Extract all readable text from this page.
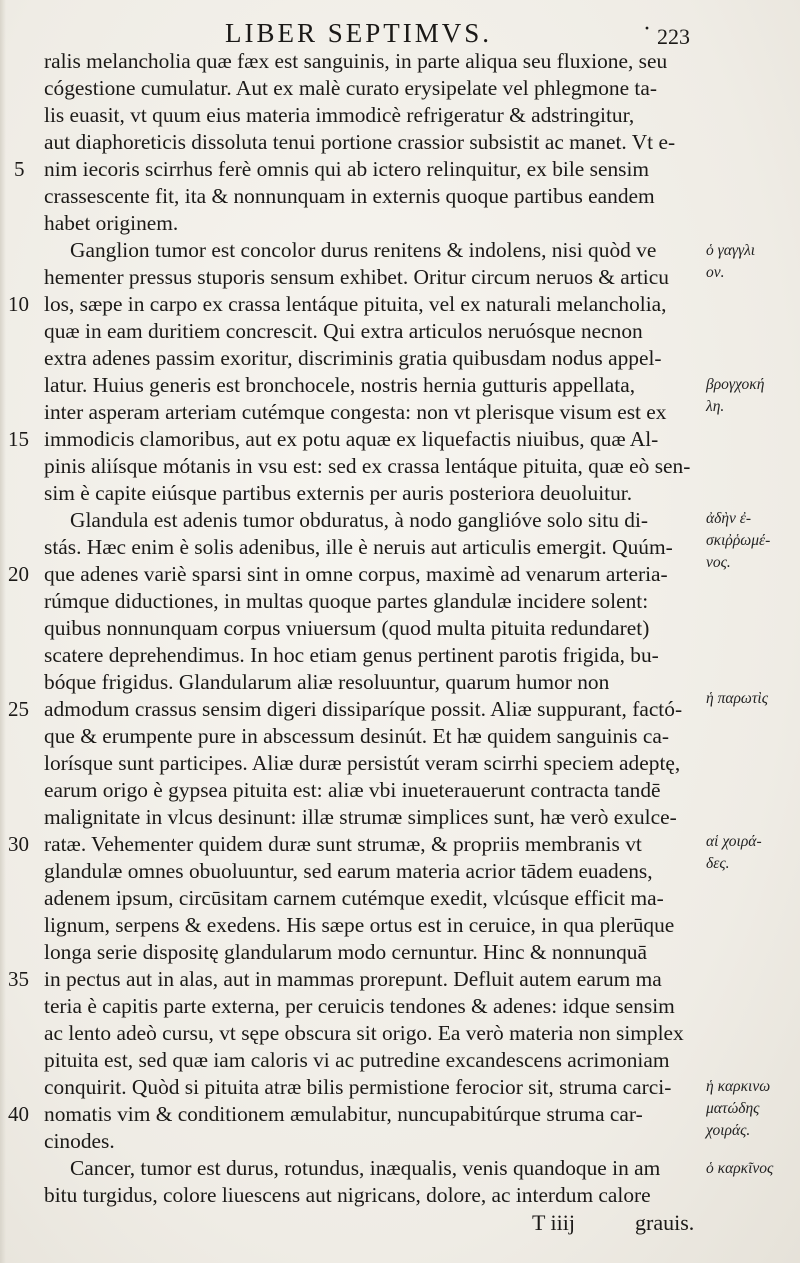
LIBER SEPTIMVS.	· 223
ralis melancholia quæ fæx est sanguinis, in parte aliqua seu fluxione, seu
cógestione cumulatur. Aut ex malè curato erysipelate vel phlegmone ta-
lis euasit, vt quum eius materia immodicè refrigeratur & adstringitur,
aut diaphoreticis dissoluta tenui portione crassior subsistit ac manet. Vt e-
nim iecoris scirrhus ferè omnis qui ab ictero relinquitur, ex bile sensim
crassescente fit, ita & nonnunquam in externis quoque partibus eandem
habet originem.
Ganglion tumor est concolor durus renitens & indolens, nisi quòd ve
hementer pressus stuporis sensum exhibet. Oritur circum neruos & articu
los, sæpe in carpo ex crassa lentáque pituita, vel ex naturali melancholia,
quæ in eam duritiem concrescit. Qui extra articulos neruósque necnon
extra adenes passim exoritur, discriminis gratia quibusdam nodus appel-
latur. Huius generis est bronchocele, nostris hernia gutturis appellata,
inter asperam arteriam cutémque congesta: non vt plerisque visum est ex
immodicis clamoribus, aut ex potu aquæ ex liquefactis niuibus, quæ Al-
pinis aliísque mótanis in vsu est: sed ex crassa lentáque pituita, quæ eò sen-
sim è capite eiúsque partibus externis per auris posteriora deuoluitur.
Glandula est adenis tumor obduratus, à nodo ganglióve solo situ di-
stás. Hæc enim è solis adenibus, ille è neruis aut articulis emergit. Quúm-
que adenes variè sparsi sint in omne corpus, maximè ad venarum arteria-
rúmque diductiones, in multas quoque partes glandulæ incidere solent:
quibus nonnunquam corpus vniuersum (quod multa pituita redundaret)
scatere deprehendimus. In hoc etiam genus pertinent parotis frigida, bu-
bóque frigidus. Glandularum aliæ resoluuntur, quarum humor non
admodum crassus sensim digeri dissiparíque possit. Aliæ suppurant, factó-
que & erumpente pure in abscessum desinút. Et hæ quidem sanguinis ca-
lorísque sunt participes. Aliæ duræ persistút veram scirrhi speciem adeptę,
earum origo è gypsea pituita est: aliæ vbi inueterauerunt contracta tandē
malignitate in vlcus desinunt: illæ strumæ simplices sunt, hæ verò exulce-
ratæ. Vehementer quidem duræ sunt strumæ, & propriis membranis vt
glandulæ omnes obuoluuntur, sed earum materia acrior tādem euadens,
adenem ipsum, circūsitam carnem cutémque exedit, vlcúsque efficit ma-
lignum, serpens & exedens. His sæpe ortus est in ceruice, in qua plerūque
longa serie dispositę glandularum modo cernuntur. Hinc & nonnunquā
in pectus aut in alas, aut in mammas prorepunt. Defluit autem earum ma
teria è capitis parte externa, per ceruicis tendones & adenes: idque sensim
ac lento adeò cursu, vt sępe obscura sit origo. Ea verò materia non simplex
pituita est, sed quæ iam caloris vi ac putredine excandescens acrimoniam
conquirit. Quòd si pituita atræ bilis permistione ferocior sit, struma carci-
nomatis vim & conditionem æmulabitur, nuncupabitúrque struma car-
cinodes.
Cancer, tumor est durus, rotundus, inæqualis, venis quandoque in am
bitu turgidus, colore liuescens aut nigricans, dolore, ac interdum calore
5
10
15
20
25
30
35
40
ὁ γαγγλι
ον.
βρογχοκή
λη.
ἀδὴν ἐ-
σκιῤῥωμέ-
νος.
ἡ παρωτὶς
αἱ χοιρά-
δες.
ἡ καρκινω
ματώδης
χοιράς.
ὁ καρκῖνος
T iiij	grauis.
